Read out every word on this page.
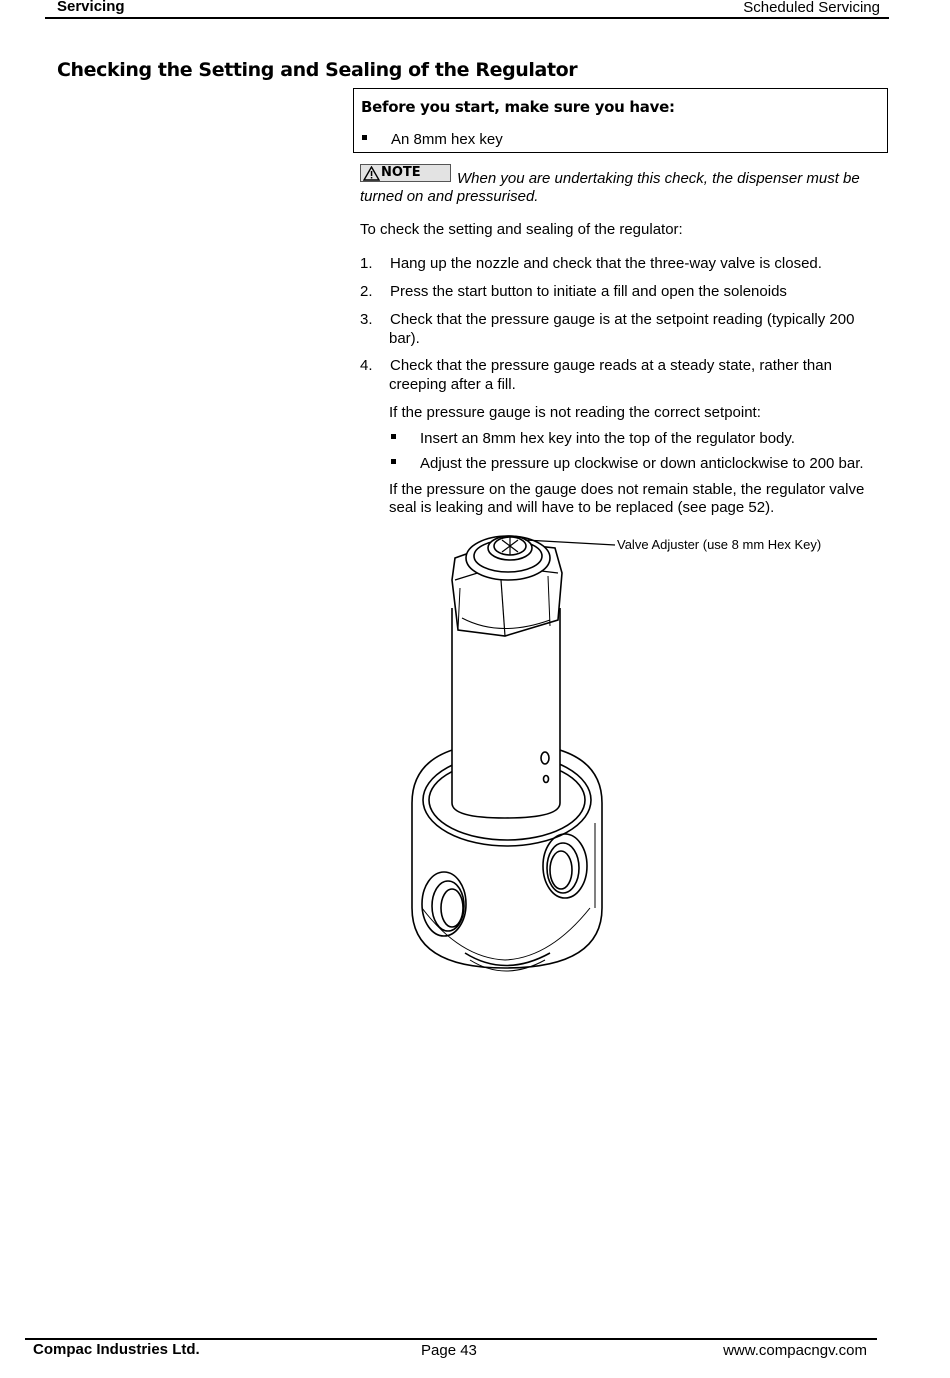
Servicing	Scheduled Servicing
Checking the Setting and Sealing of the Regulator
Before you start, make sure you have:
An 8mm hex key
NOTE When you are undertaking this check, the dispenser must be
turned on and pressurised.
To check the setting and sealing of the regulator:
1. Hang up the nozzle and check that the three-way valve is closed.
2. Press the start button to initiate a fill and open the solenoids
3. Check that the pressure gauge is at the setpoint reading (typically 200
bar).
4. Check that the pressure gauge reads at a steady state, rather than
creeping after a fill.
If the pressure gauge is not reading the correct setpoint:
Insert an 8mm hex key into the top of the regulator body.
Adjust the pressure up clockwise or down anticlockwise to 200 bar.
If the pressure on the gauge does not remain stable, the regulator valve
seal is leaking and will have to be replaced (see page 52).
Valve Adjuster (use 8 mm Hex Key)
Compac Industries Ltd.	Page 43	www.compacngv.com
